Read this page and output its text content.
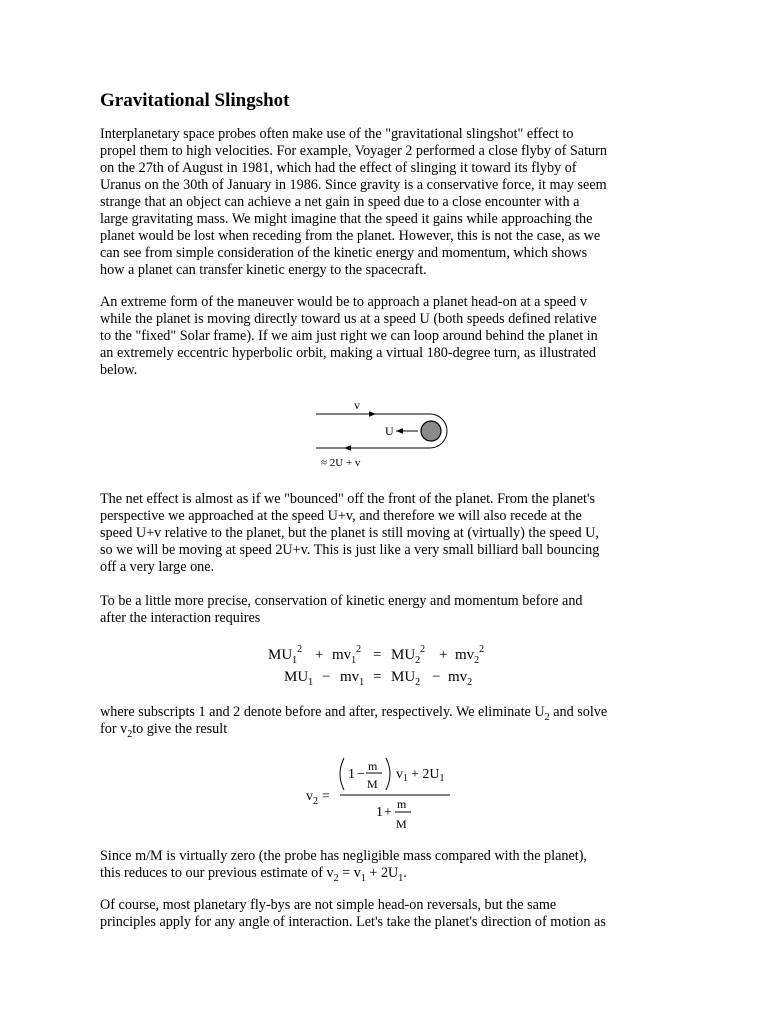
Gravitational Slingshot

Interplanetary space probes often make use of the "gravitational slingshot" effect to
propel them to high velocities. For example, Voyager 2 performed a close flyby of Saturn
on the 27th of August in 1981, which had the effect of slinging it toward its flyby of
Uranus on the 30th of January in 1986. Since gravity is a conservative force, it may seem
strange that an object can achieve a net gain in speed due to a close encounter with a
large gravitating mass. We might imagine that the speed it gains while approaching the
planet would be lost when receding from the planet. However, this is not the case, as we
can see from simple consideration of the kinetic energy and momentum, which shows
how a planet can transfer kinetic energy to the spacecraft.

An extreme form of the maneuver would be to approach a planet head-on at a speed v
while the planet is moving directly toward us at a speed U (both speeds defined relative
to the "fixed" Solar frame). If we aim just right we can loop around behind the planet in
an extremely eccentric hyperbolic orbit, making a virtual 180-degree turn, as illustrated
below.

v
U
≈ 2U + v

The net effect is almost as if we "bounced" off the front of the planet. From the planet's
perspective we approached at the speed U+v, and therefore we will also recede at the
speed U+v relative to the planet, but the planet is still moving at (virtually) the speed U,
so we will be moving at speed 2U+v. This is just like a very small billiard ball bouncing
off a very large one.

To be a little more precise, conservation of kinetic energy and momentum before and
after the interaction requires

$MU_1^2 + mv_1^2 = MU_2^2 + mv_2^2$
$MU_1 - mv_1 = MU_2 - mv_2$

where subscripts 1 and 2 denote before and after, respectively. We eliminate $U_2$ and solve
for $v_2to$ give the result

$v_2$ =
1 −
m
M
$v_1 + 2U_1$
1 +
m
M

Since m/M is virtually zero (the probe has negligible mass compared with the planet),
this reduces to our previous estimate of $v_2 = v_1 + 2U_1$.

Of course, most planetary fly-bys are not simple head-on reversals, but the same
principles apply for any angle of interaction. Let's take the planet's direction of motion as
